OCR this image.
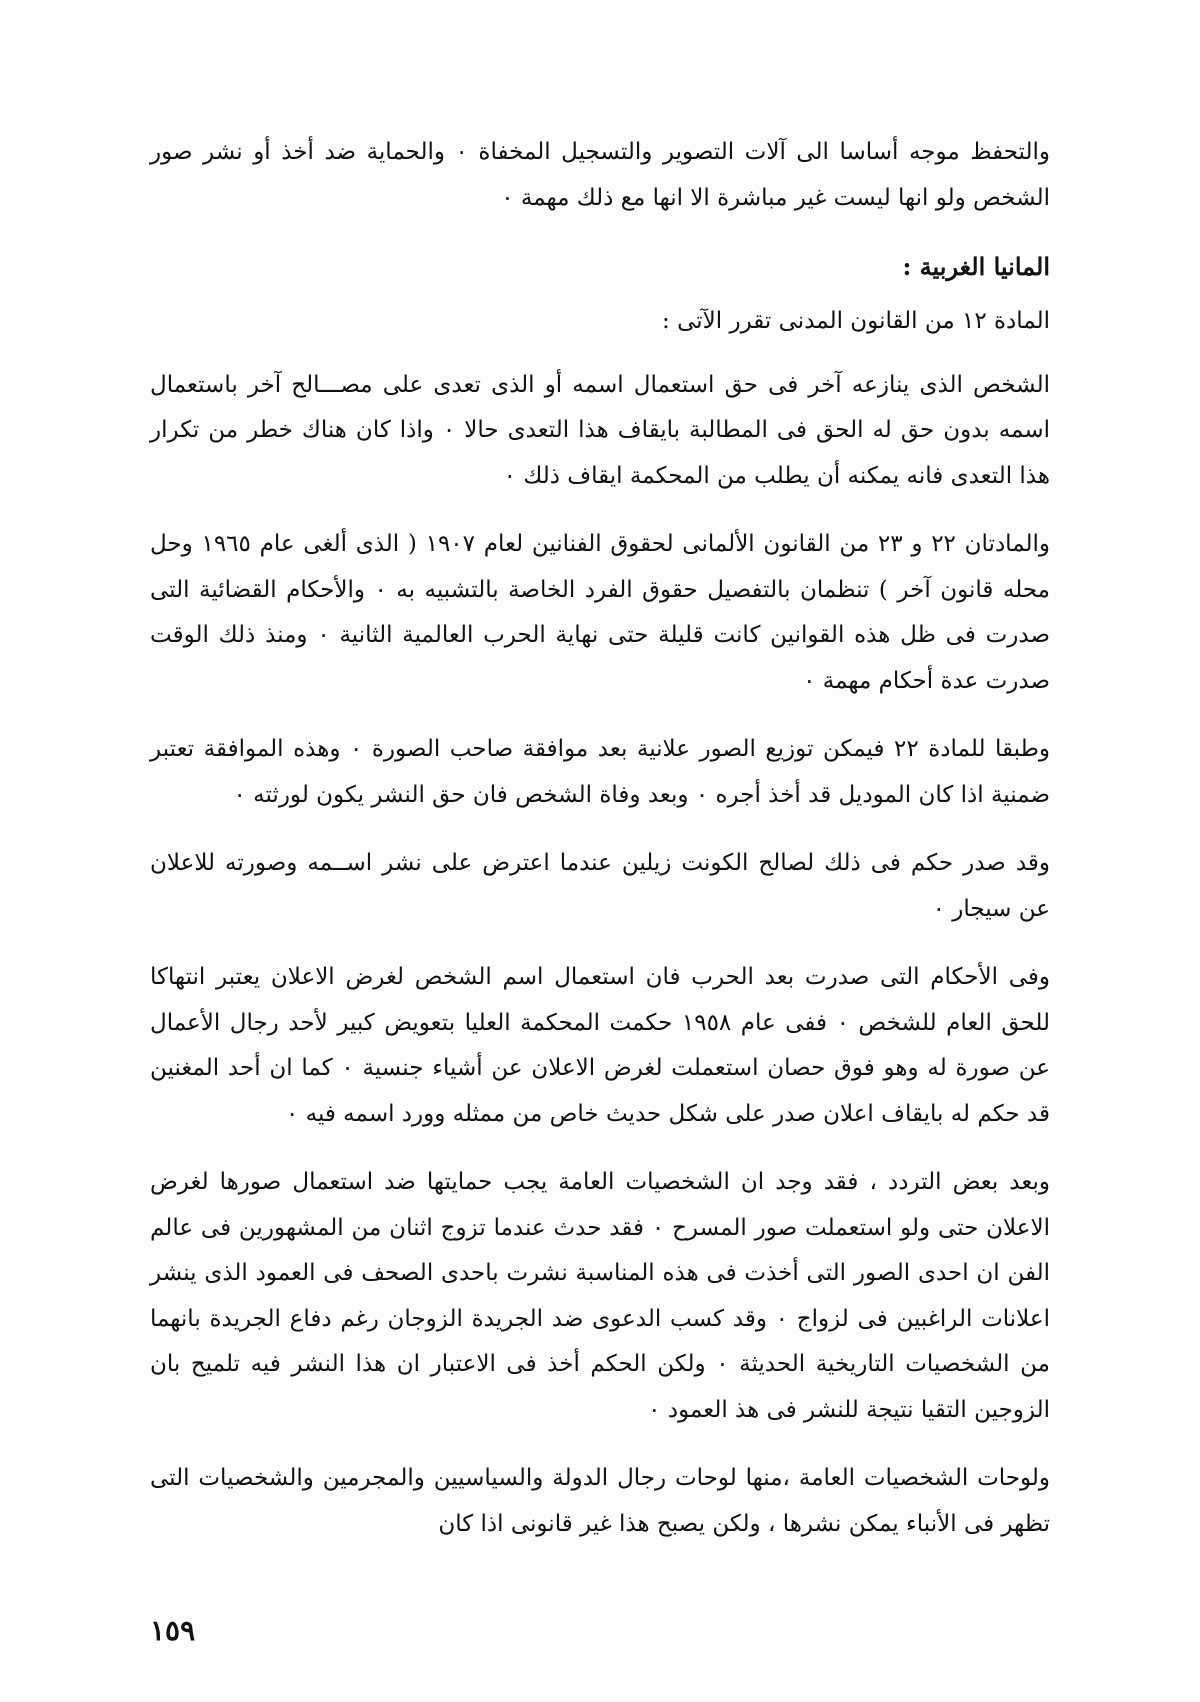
والتحفظ موجه أساسا الى آلات التصوير والتسجيل المخفاة ٠ والحماية ضد أخذ أو نشر صور الشخص ولو انها ليست غير مباشرة الا انها مع ذلك مهمة ٠

المانيا الغربية :

المادة ١٢ من القانون المدنى تقرر الآتى :

الشخص الذى ينازعه آخر فى حق استعمال اسمه أو الذى تعدى على مصـــالح آخر باستعمال اسمه بدون حق له الحق فى المطالبة بايقاف هذا التعدى حالا ٠ واذا كان هناك خطر من تكرار هذا التعدى فانه يمكنه أن يطلب من المحكمة ايقاف ذلك ٠

والمادتان ٢٢ و ٢٣ من القانون الألمانى لحقوق الفنانين لعام ١٩٠٧ ( الذى ألغى عام ١٩٦٥ وحل محله قانون آخر ) تنظمان بالتفصيل حقوق الفرد الخاصة بالتشبيه به ٠ والأحكام القضائية التى صدرت فى ظل هذه القوانين كانت قليلة حتى نهاية الحرب العالمية الثانية ٠ ومنذ ذلك الوقت صدرت عدة أحكام مهمة ٠

وطبقا للمادة ٢٢ فيمكن توزيع الصور علانية بعد موافقة صاحب الصورة ٠ وهذه الموافقة تعتبر ضمنية اذا كان الموديل قد أخذ أجره ٠ وبعد وفاة الشخص فان حق النشر يكون لورثته ٠

وقد صدر حكم فى ذلك لصالح الكونت زيلين عندما اعترض على نشر اســمه وصورته للاعلان عن سيجار ٠

وفى الأحكام التى صدرت بعد الحرب فان استعمال اسم الشخص لغرض الاعلان يعتبر انتهاكا للحق العام للشخص ٠ ففى عام ١٩٥٨ حكمت المحكمة العليا بتعويض كبير لأحد رجال الأعمال عن صورة له وهو فوق حصان استعملت لغرض الاعلان عن أشياء جنسية ٠ كما ان أحد المغنين قد حكم له بايقاف اعلان صدر على شكل حديث خاص من ممثله وورد اسمه فيه ٠

وبعد بعض التردد ، فقد وجد ان الشخصيات العامة يجب حمايتها ضد استعمال صورها لغرض الاعلان حتى ولو استعملت صور المسرح ٠ فقد حدث عندما تزوج اثنان من المشهورين فى عالم الفن ان احدى الصور التى أخذت فى هذه المناسبة نشرت باحدى الصحف فى العمود الذى ينشر اعلانات الراغبين فى لزواج ٠ وقد كسب الدعوى ضد الجريدة الزوجان رغم دفاع الجريدة بانهما من الشخصيات التاريخية الحديثة ٠ ولكن الحكم أخذ فى الاعتبار ان هذا النشر فيه تلميح بان الزوجين التقيا نتيجة للنشر فى هذ العمود ٠

ولوحات الشخصيات العامة ،منها لوحات رجال الدولة والسياسيين والمجرمين والشخصيات التى تظهر فى الأنباء يمكن نشرها ، ولكن يصبح هذا غير قانونى اذا كان

١٥٩
